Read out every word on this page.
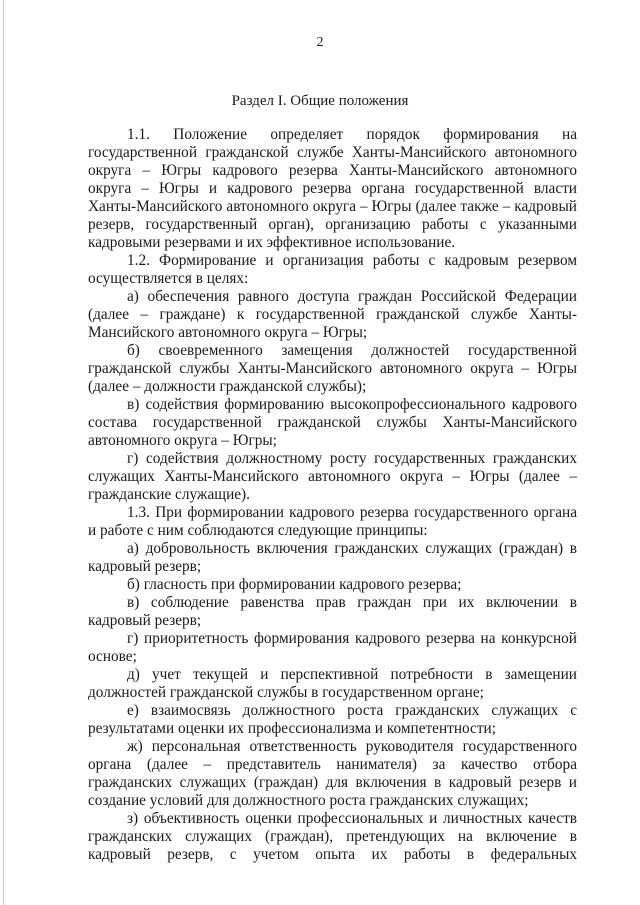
2
Раздел I. Общие положения

1.1. Положение определяет порядок формирования на государственной гражданской службе Ханты-Мансийского автономного округа – Югры кадрового резерва Ханты-Мансийского автономного округа – Югры и кадрового резерва органа государственной власти Ханты-Мансийского автономного округа – Югры (далее также – кадровый резерв, государственный орган), организацию работы с указанными кадровыми резервами и их эффективное использование.

1.2. Формирование и организация работы с кадровым резервом осуществляется в целях:

а) обеспечения равного доступа граждан Российской Федерации (далее – граждане) к государственной гражданской службе Ханты-Мансийского автономного округа – Югры;

б) своевременного замещения должностей государственной гражданской службы Ханты-Мансийского автономного округа – Югры (далее – должности гражданской службы);

в) содействия формированию высокопрофессионального кадрового состава государственной гражданской службы Ханты-Мансийского автономного округа – Югры;

г) содействия должностному росту государственных гражданских служащих Ханты-Мансийского автономного округа – Югры (далее – гражданские служащие).

1.3. При формировании кадрового резерва государственного органа и работе с ним соблюдаются следующие принципы:

а) добровольность включения гражданских служащих (граждан) в кадровый резерв;

б) гласность при формировании кадрового резерва;

в) соблюдение равенства прав граждан при их включении в кадровый резерв;

г) приоритетность формирования кадрового резерва на конкурсной основе;

д) учет текущей и перспективной потребности в замещении должностей гражданской службы в государственном органе;

е) взаимосвязь должностного роста гражданских служащих с результатами оценки их профессионализма и компетентности;

ж) персональная ответственность руководителя государственного органа (далее – представитель нанимателя) за качество отбора гражданских служащих (граждан) для включения в кадровый резерв и создание условий для должностного роста гражданских служащих;

з) объективность оценки профессиональных и личностных качеств гражданских служащих (граждан), претендующих на включение в кадровый резерв, с учетом опыта их работы в федеральных
